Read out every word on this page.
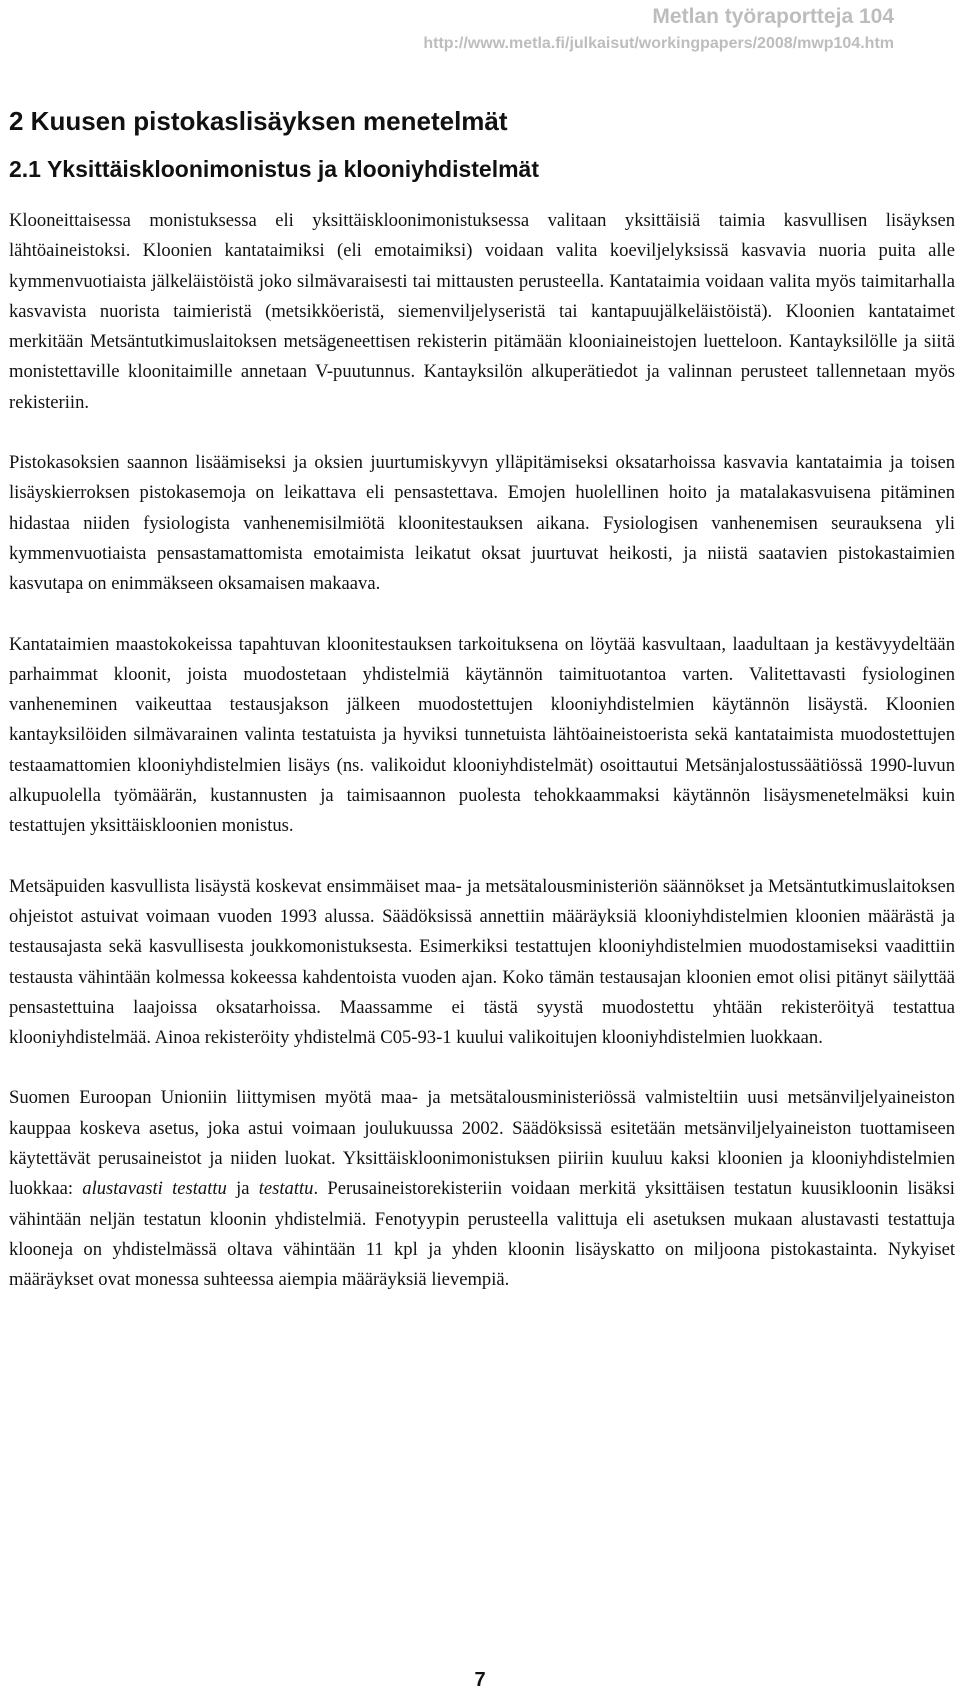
Metlan työraportteja 104
http://www.metla.fi/julkaisut/workingpapers/2008/mwp104.htm
2 Kuusen pistokaslisäyksen menetelmät
2.1 Yksittäiskloonimonistus ja klooniyhdistelmät

Klooneittaisessa monistuksessa eli yksittäiskloonimonistuksessa valitaan yksittäisiä taimia kasvullisen lisäyksen lähtöaineistoksi. Kloonien kantataimiksi (eli emotaimiksi) voidaan valita koeviljelyksissä kasvavia nuoria puita alle kymmenvuotiaista jälkeläistöistä joko silmävaraisesti tai mittausten perusteella. Kantataimia voidaan valita myös taimitarhalla kasvavista nuorista taimieristä (metsikköeristä, siemenviljelyseristä tai kantapuujälkeläistöistä). Kloonien kantataimet merkitään Metsäntutkimuslaitoksen metsägeneettisen rekisterin pitämään klooniaineistojen luetteloon. Kantayksilölle ja siitä monistettaville kloonitaimille annetaan V-puutunnus. Kantayksilön alkuperätiedot ja valinnan perusteet tallennetaan myös rekisteriin.

Pistokasoksien saannon lisäämiseksi ja oksien juurtumiskyvyn ylläpitämiseksi oksatarhoissa kasvavia kantataimia ja toisen lisäyskierroksen pistokasemoja on leikattava eli pensastettava. Emojen huolellinen hoito ja matalakasvuisena pitäminen hidastaa niiden fysiologista vanhenemisilmiötä kloonitestauksen aikana. Fysiologisen vanhenemisen seurauksena yli kymmenvuotiaista pensastamattomista emotaimista leikatut oksat juurtuvat heikosti, ja niistä saatavien pistokastaimien kasvutapa on enimmäkseen oksamaisen makaava.

Kantataimien maastokokeissa tapahtuvan kloonitestauksen tarkoituksena on löytää kasvultaan, laadultaan ja kestävyydeltään parhaimmat kloonit, joista muodostetaan yhdistelmiä käytännön taimituotantoa varten. Valitettavasti fysiologinen vanheneminen vaikeuttaa testausjakson jälkeen muodostettujen klooniyhdistelmien käytännön lisäystä. Kloonien kantayksilöiden silmävarainen valinta testatuista ja hyviksi tunnetuista lähtöaineistoerista sekä kantataimista muodostettujen testaamattomien klooniyhdistelmien lisäys (ns. valikoidut klooniyhdistelmät) osoittautui Metsänjalostussäätiössä 1990-luvun alkupuolella työmäärän, kustannusten ja taimisaannon puolesta tehokkaammaksi käytännön lisäysmenetelmäksi kuin testattujen yksittäiskloonien monistus.

Metsäpuiden kasvullista lisäystä koskevat ensimmäiset maa- ja metsätalousministeriön säännökset ja Metsäntutkimuslaitoksen ohjeistot astuivat voimaan vuoden 1993 alussa. Säädöksissä annettiin määräyksiä klooniyhdistelmien kloonien määrästä ja testausajasta sekä kasvullisesta joukkomonistuksesta. Esimerkiksi testattujen klooniyhdistelmien muodostamiseksi vaadittiin testausta vähintään kolmessa kokeessa kahdentoista vuoden ajan. Koko tämän testausajan kloonien emot olisi pitänyt säilyttää pensastettuina laajoissa oksatarhoissa. Maassamme ei tästä syystä muodostettu yhtään rekisteröityä testattua klooniyhdistelmää. Ainoa rekisteröity yhdistelmä C05-93-1 kuului valikoitujen klooniyhdistelmien luokkaan.

Suomen Euroopan Unioniin liittymisen myötä maa- ja metsätalousministeriössä valmisteltiin uusi metsänviljelyaineiston kauppaa koskeva asetus, joka astui voimaan joulukuussa 2002. Säädöksissä esitetään metsänviljelyaineiston tuottamiseen käytettävät perusaineistot ja niiden luokat. Yksittäiskloonimonistuksen piiriin kuuluu kaksi kloonien ja klooniyhdistelmien luokkaa: alustavasti testattu ja testattu. Perusaineistorekisteriin voidaan merkitä yksittäisen testatun kuusikloonin lisäksi vähintään neljän testatun kloonin yhdistelmiä. Fenotyypin perusteella valittuja eli asetuksen mukaan alustavasti testattuja klooneja on yhdistelmässä oltava vähintään 11 kpl ja yhden kloonin lisäyskatto on miljoona pistokastainta. Nykyiset määräykset ovat monessa suhteessa aiempia määräyksiä lievempiä.

7
